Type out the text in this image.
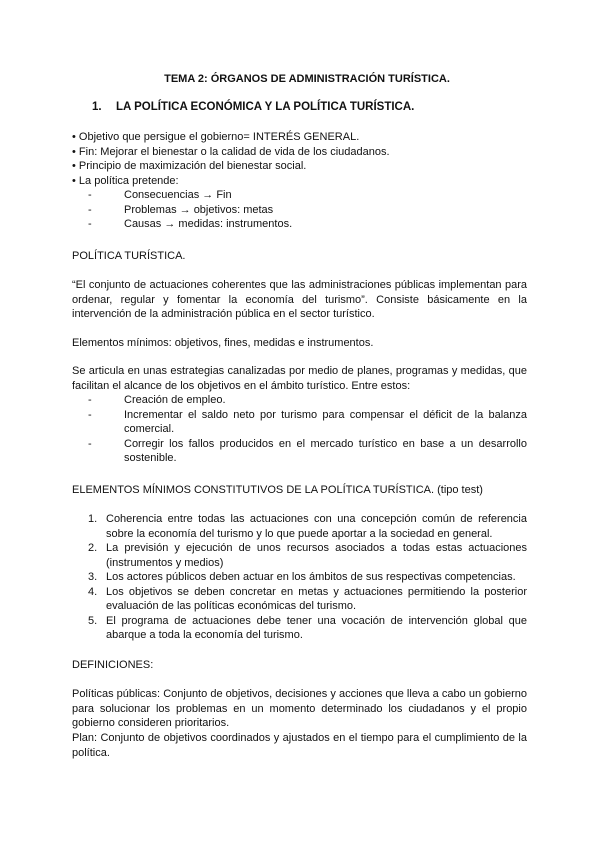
TEMA 2: ÓRGANOS DE ADMINISTRACIÓN TURÍSTICA.
1. LA POLÍTICA ECONÓMICA Y LA POLÍTICA TURÍSTICA.
• Objetivo que persigue el gobierno= INTERÉS GENERAL.
• Fin: Mejorar el bienestar o la calidad de vida de los ciudadanos.
• Principio de maximización del bienestar social.
• La política pretende:
- Consecuencias → Fin
- Problemas → objetivos: metas
- Causas → medidas: instrumentos.
POLÍTICA TURÍSTICA.
“El conjunto de actuaciones coherentes que las administraciones públicas implementan para ordenar, regular y fomentar la economía del turismo”. Consiste básicamente en la intervención de la administración pública en el sector turístico.
Elementos mínimos: objetivos, fines, medidas e instrumentos.
Se articula en unas estrategias canalizadas por medio de planes, programas y medidas, que facilitan el alcance de los objetivos en el ámbito turístico. Entre estos:
- Creación de empleo.
- Incrementar el saldo neto por turismo para compensar el déficit de la balanza comercial.
- Corregir los fallos producidos en el mercado turístico en base a un desarrollo sostenible.
ELEMENTOS MÍNIMOS CONSTITUTIVOS DE LA POLÍTICA TURÍSTICA. (tipo test)
1. Coherencia entre todas las actuaciones con una concepción común de referencia sobre la economía del turismo y lo que puede aportar a la sociedad en general.
2. La previsión y ejecución de unos recursos asociados a todas estas actuaciones (instrumentos y medios)
3. Los actores públicos deben actuar en los ámbitos de sus respectivas competencias.
4. Los objetivos se deben concretar en metas y actuaciones permitiendo la posterior evaluación de las políticas económicas del turismo.
5. El programa de actuaciones debe tener una vocación de intervención global que abarque a toda la economía del turismo.
DEFINICIONES:
Políticas públicas: Conjunto de objetivos, decisiones y acciones que lleva a cabo un gobierno para solucionar los problemas en un momento determinado los ciudadanos y el propio gobierno consideren prioritarios.
Plan: Conjunto de objetivos coordinados y ajustados en el tiempo para el cumplimiento de la política.
